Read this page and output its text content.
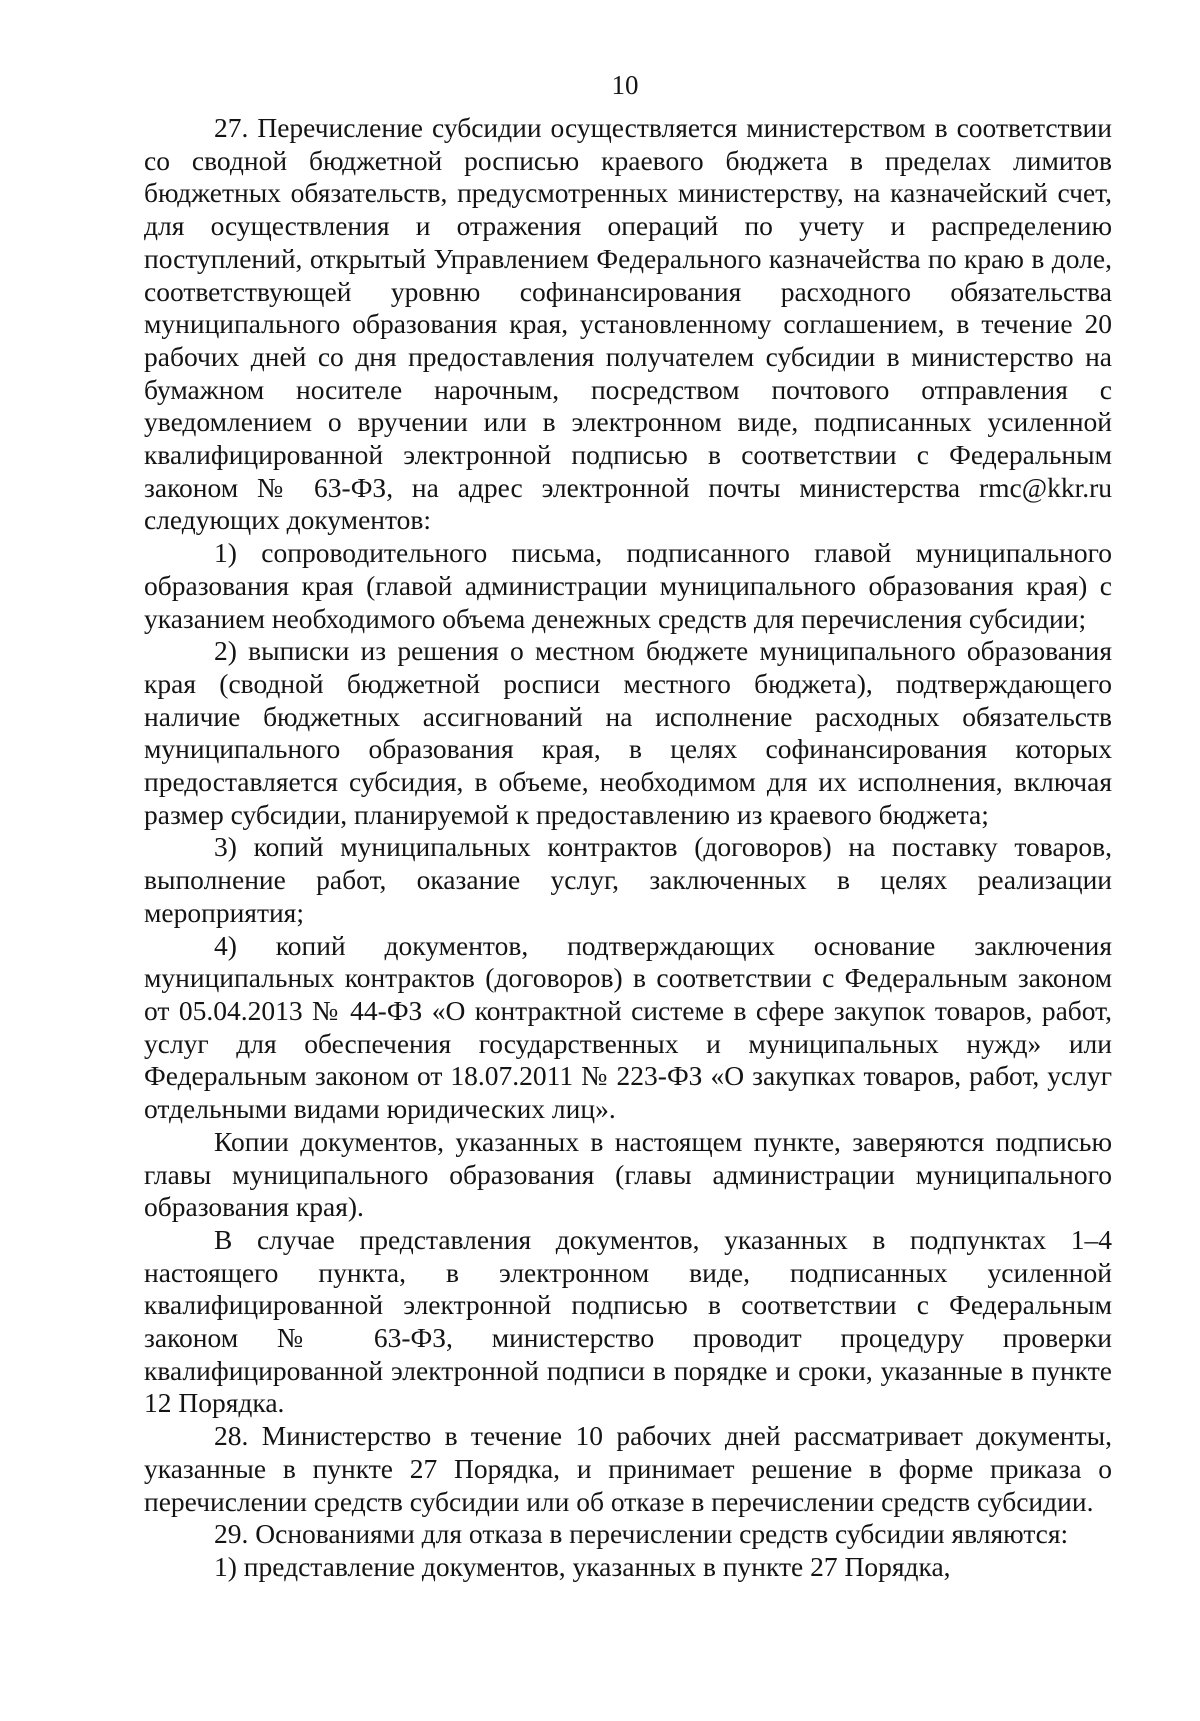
10

27. Перечисление субсидии осуществляется министерством в соответствии со сводной бюджетной росписью краевого бюджета в пределах лимитов бюджетных обязательств, предусмотренных министерству, на казначейский счет, для осуществления и отражения операций по учету и распределению поступлений, открытый Управлением Федерального казначейства по краю в доле, соответствующей уровню софинансирования расходного обязательства муниципального образования края, установленному соглашением, в течение 20 рабочих дней со дня предоставления получателем субсидии в министерство на бумажном носителе нарочным, посредством почтового отправления с уведомлением о вручении или в электронном виде, подписанных усиленной квалифицированной электронной подписью в соответствии с Федеральным законом № 63-ФЗ, на адрес электронной почты министерства rmc@kkr.ru следующих документов:

1) сопроводительного письма, подписанного главой муниципального образования края (главой администрации муниципального образования края) с указанием необходимого объема денежных средств для перечисления субсидии;

2) выписки из решения о местном бюджете муниципального образования края (сводной бюджетной росписи местного бюджета), подтверждающего наличие бюджетных ассигнований на исполнение расходных обязательств муниципального образования края, в целях софинансирования которых предоставляется субсидия, в объеме, необходимом для их исполнения, включая размер субсидии, планируемой к предоставлению из краевого бюджета;

3) копий муниципальных контрактов (договоров) на поставку товаров, выполнение работ, оказание услуг, заключенных в целях реализации мероприятия;

4) копий документов, подтверждающих основание заключения муниципальных контрактов (договоров) в соответствии с Федеральным законом от 05.04.2013 № 44-ФЗ «О контрактной системе в сфере закупок товаров, работ, услуг для обеспечения государственных и муниципальных нужд» или Федеральным законом от 18.07.2011 № 223-ФЗ «О закупках товаров, работ, услуг отдельными видами юридических лиц».

Копии документов, указанных в настоящем пункте, заверяются подписью главы муниципального образования (главы администрации муниципального образования края).

В случае представления документов, указанных в подпунктах 1–4 настоящего пункта, в электронном виде, подписанных усиленной квалифицированной электронной подписью в соответствии с Федеральным законом № 63-ФЗ, министерство проводит процедуру проверки квалифицированной электронной подписи в порядке и сроки, указанные в пункте 12 Порядка.

28. Министерство в течение 10 рабочих дней рассматривает документы, указанные в пункте 27 Порядка, и принимает решение в форме приказа о перечислении средств субсидии или об отказе в перечислении средств субсидии.

29. Основаниями для отказа в перечислении средств субсидии являются:

1) представление документов, указанных в пункте 27 Порядка,
